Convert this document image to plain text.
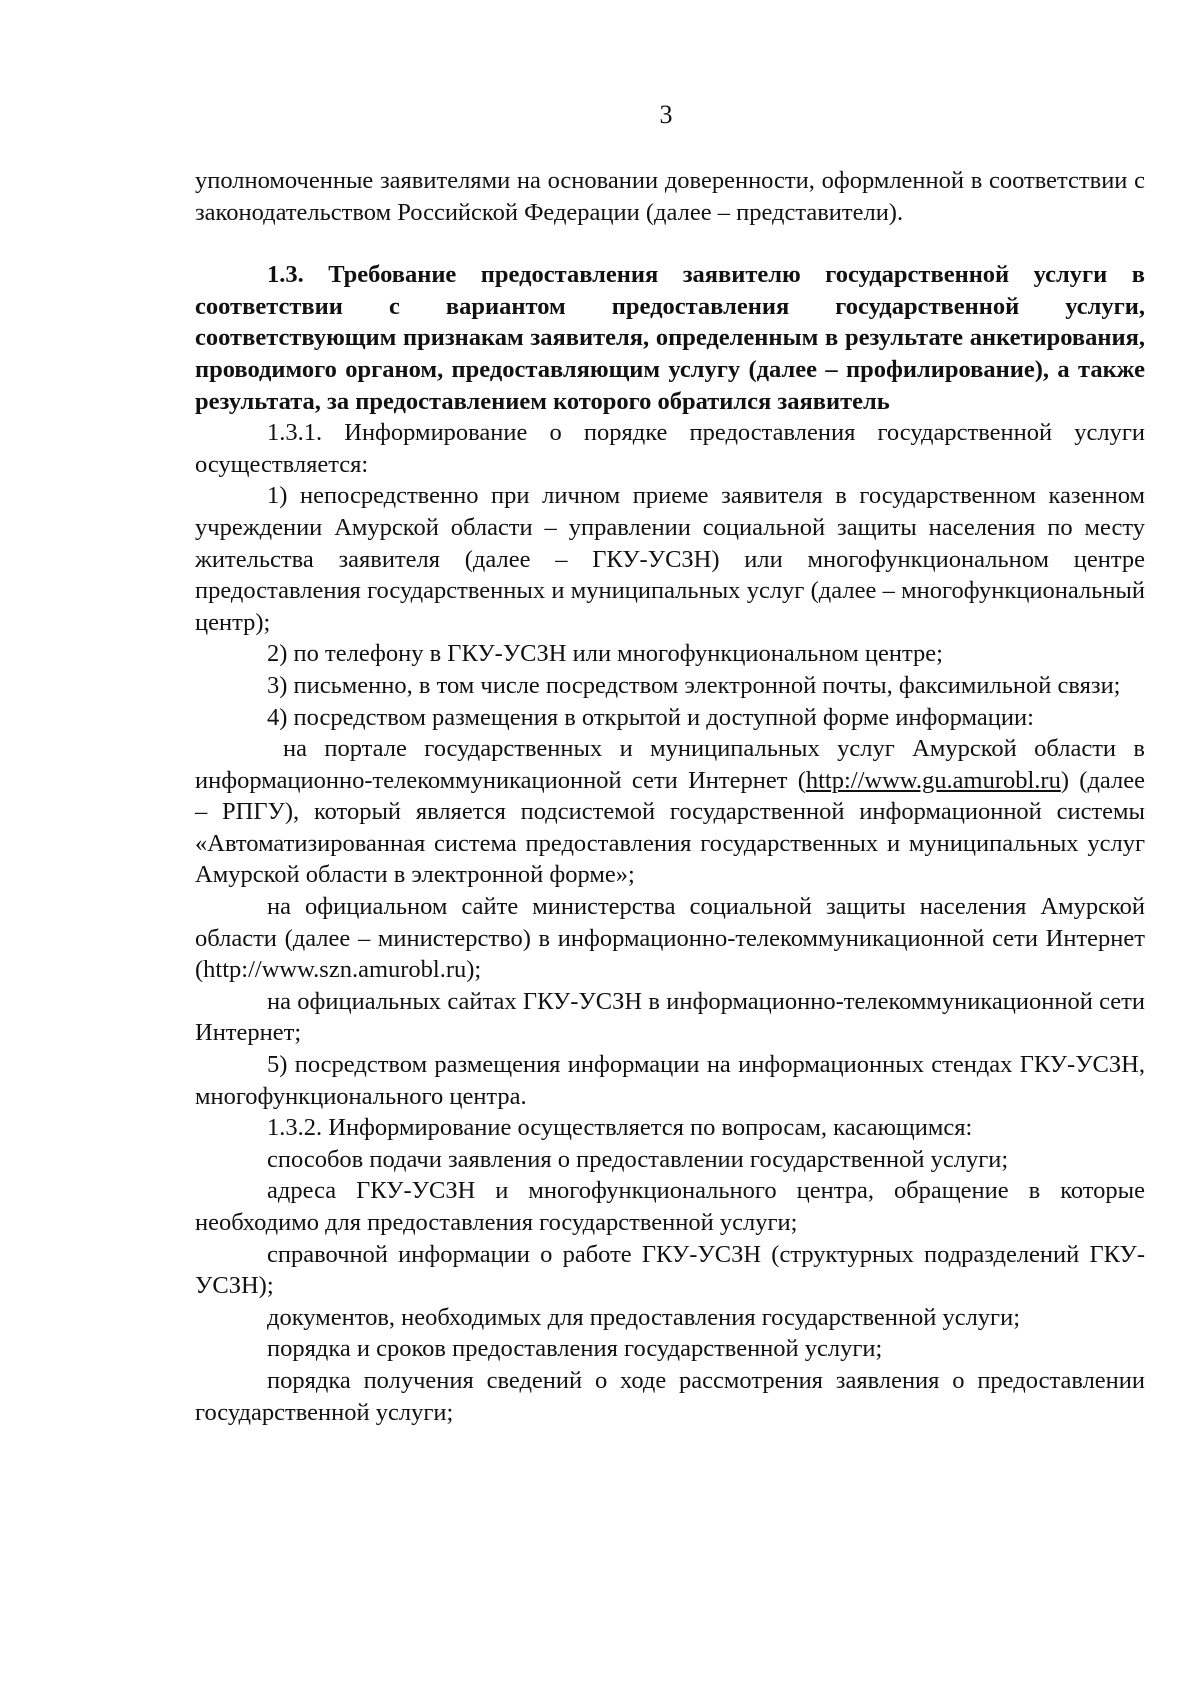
3

уполномоченные заявителями на основании доверенности, оформленной в соответствии с законодательством Российской Федерации (далее – представители).

1.3. Требование предоставления заявителю государственной услуги в соответствии с вариантом предоставления государственной услуги, соответствующим признакам заявителя, определенным в результате анкетирования, проводимого органом, предоставляющим услугу (далее – профилирование), а также результата, за предоставлением которого обратился заявитель

1.3.1. Информирование о порядке предоставления государственной услуги осуществляется:

1) непосредственно при личном приеме заявителя в государственном казенном учреждении Амурской области – управлении социальной защиты населения по месту жительства заявителя (далее – ГКУ-УСЗН) или многофункциональном центре предоставления государственных и муниципальных услуг (далее – многофункциональный центр);

2) по телефону в ГКУ-УСЗН или многофункциональном центре;

3) письменно, в том числе посредством электронной почты, факсимильной связи;

4) посредством размещения в открытой и доступной форме информации:

на портале государственных и муниципальных услуг Амурской области в информационно-телекоммуникационной сети Интернет (http://www.gu.amurobl.ru) (далее – РПГУ), который является подсистемой государственной информационной системы «Автоматизированная система предоставления государственных и муниципальных услуг Амурской области в электронной форме»;

на официальном сайте министерства социальной защиты населения Амурской области (далее – министерство) в информационно-телекоммуникационной сети Интернет (http://www.szn.amurobl.ru);

на официальных сайтах ГКУ-УСЗН в информационно-телекоммуникационной сети Интернет;

5) посредством размещения информации на информационных стендах ГКУ-УСЗН, многофункционального центра.

1.3.2. Информирование осуществляется по вопросам, касающимся:

способов подачи заявления о предоставлении государственной услуги;

адреса ГКУ-УСЗН и многофункционального центра, обращение в которые необходимо для предоставления государственной услуги;

справочной информации о работе ГКУ-УСЗН (структурных подразделений ГКУ-УСЗН);

документов, необходимых для предоставления государственной услуги;

порядка и сроков предоставления государственной услуги;

порядка получения сведений о ходе рассмотрения заявления о предоставлении государственной услуги;
